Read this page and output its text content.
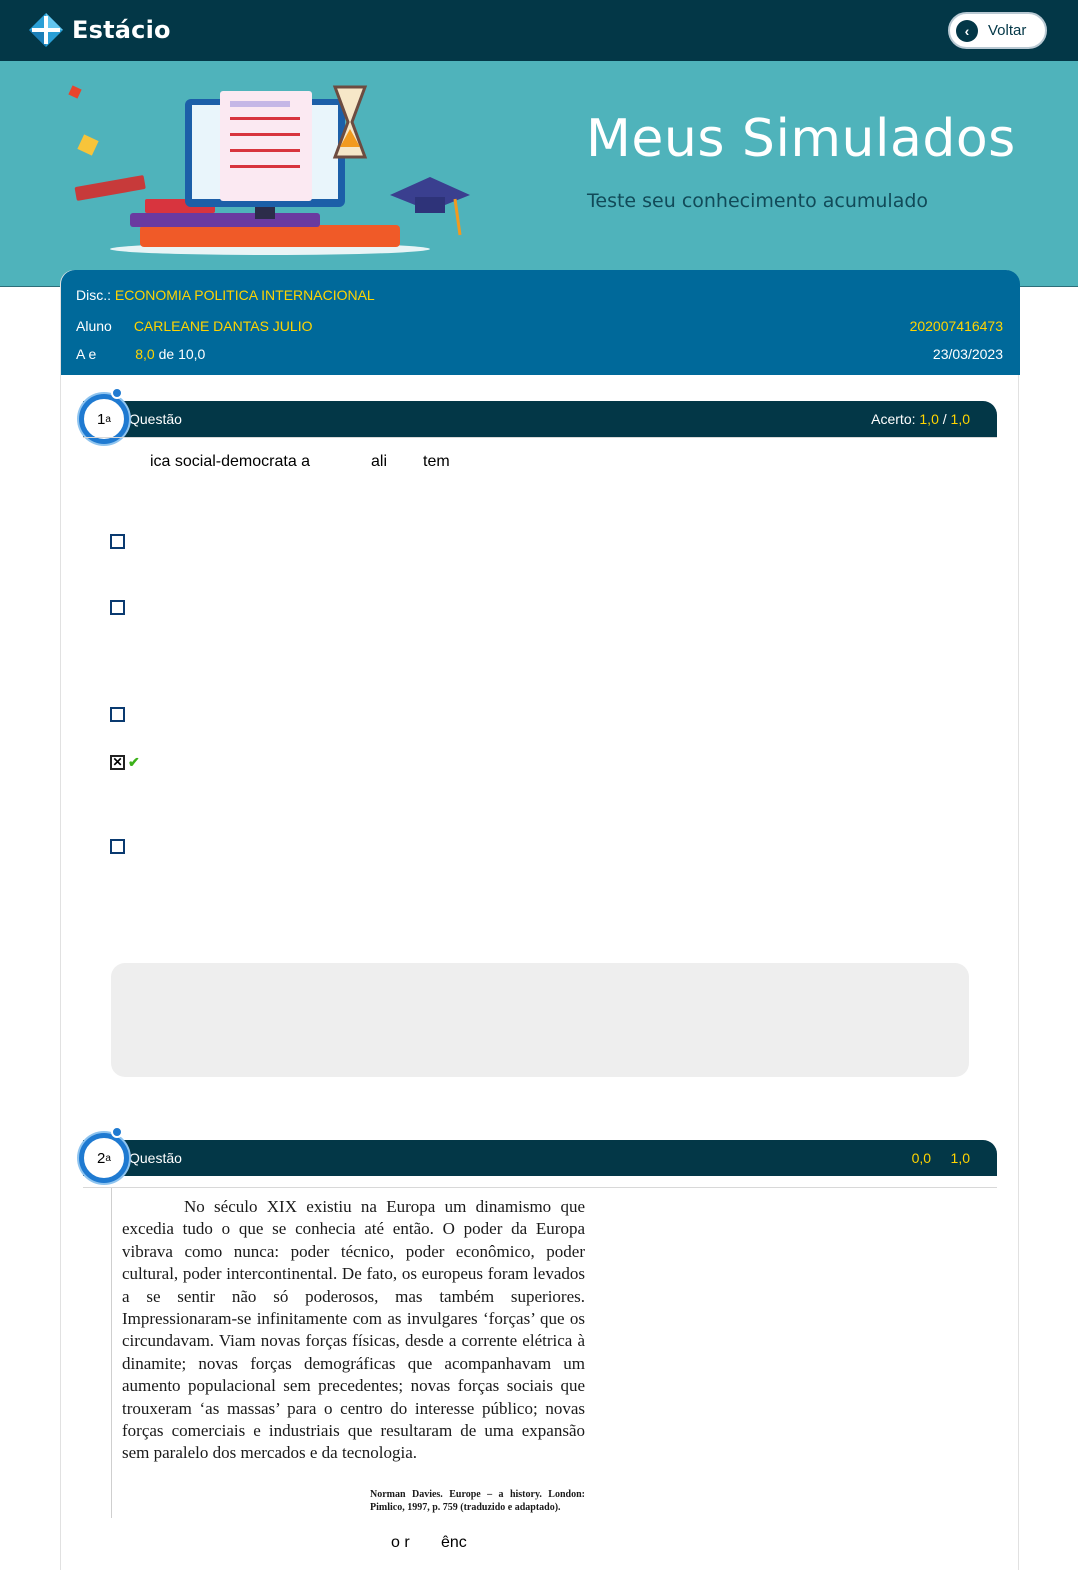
Estácio	‹	Voltar
Meus Simulados
Teste seu conhecimento acumulado
Disc.:
ECONOMIA POLITICA INTERNACIONAL
Aluno CARLEANE DANTAS JULIO	202007416473
A e	8,0
de 10,0	23/03/2023
Questão	Acerto: 1,0 / 1,0
1 a
ica social-democrata a	ali tem
✕ ✔
Questão	0,0 1,0
2 a

No século XIX existiu na Europa um dinamismo que excedia tudo o que se conhecia até então. O poder da Europa vibrava como nunca: poder técnico, poder econômico, poder cultural, poder intercontinental. De fato, os europeus foram levados a se sentir não só poderosos, mas também superiores. Impressionaram-se infinitamente com as invulgares ‘forças’ que os circundavam. Viam novas forças físicas, desde a corrente elétrica à dinamite; novas forças demográficas que acompanhavam um aumento populacional sem precedentes; novas forças sociais que trouxeram ‘as massas’ para o centro do interesse público; novas forças comerciais e industriais que resultaram de uma expansão sem paralelo dos mercados e da tecnologia.

Norman Davies. Europe – a history. London: Pimlico, 1997, p. 759 (traduzido e adaptado).
o r ênc
